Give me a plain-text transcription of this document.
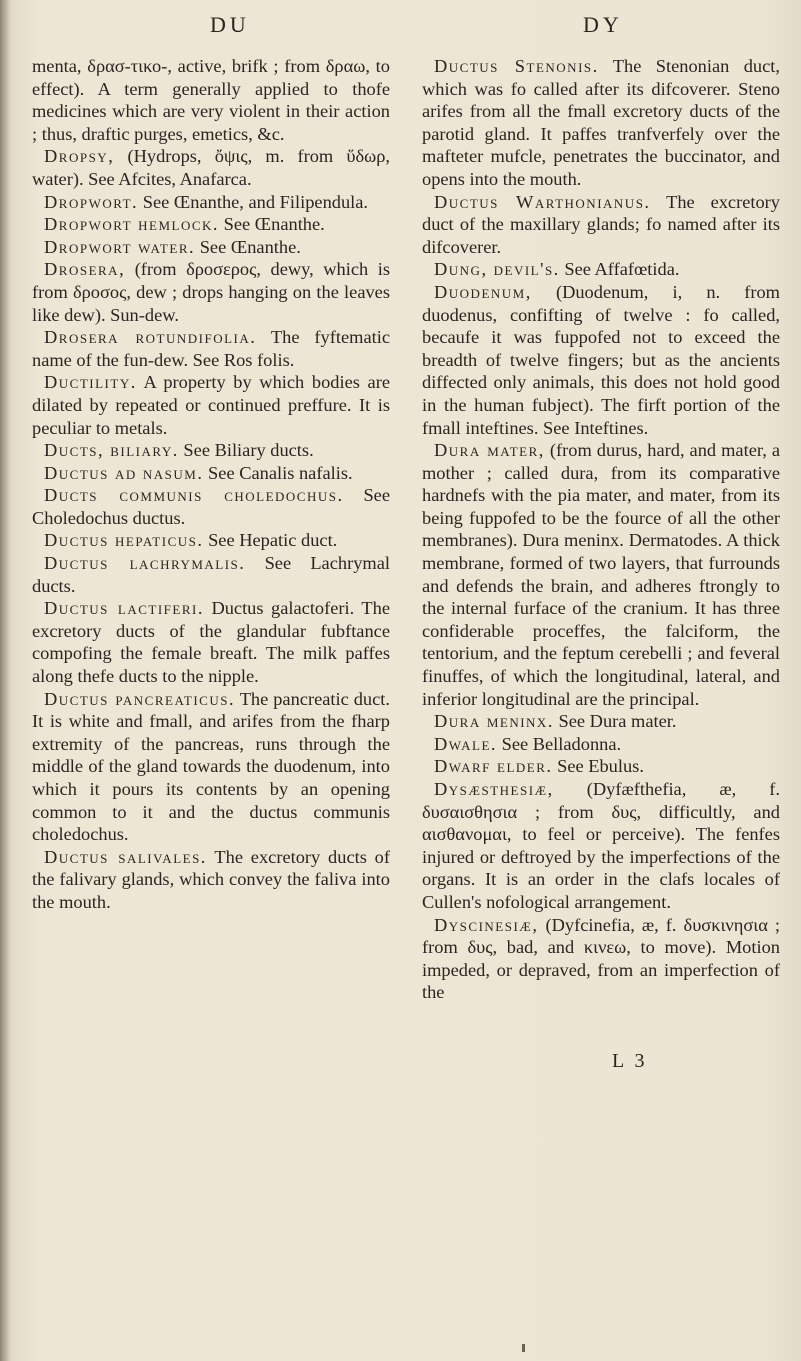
DU	DY

menta, δρασ-τικο-, active, brifk ; from δραω, to effect). A term generally applied to thofe medicines which are very violent in their action ; thus, draftic purges, emetics, &c.

Dropsy, (Hydrops, ὄψις, m. from ὕδωρ, water). See Afcites, Anafarca.

Dropwort. See Œnanthe, and Filipendula.

Dropwort hemlock. See Œnanthe.

Dropwort water. See Œnanthe.

Drosera, (from δροσερος, dewy, which is from δροσος, dew ; drops hanging on the leaves like dew). Sun-dew.

Drosera rotundifolia. The fyftematic name of the fun-dew. See Ros folis.

Ductility. A property by which bodies are dilated by repeated or continued preffure. It is peculiar to metals.

Ducts, biliary. See Biliary ducts.

Ductus ad nasum. See Canalis nafalis.

Ducts communis choledochus. See Choledochus ductus.

Ductus hepaticus. See Hepatic duct.

Ductus lachrymalis. See Lachrymal ducts.

Ductus lactiferi. Ductus galactoferi. The excretory ducts of the glandular fubftance compofing the female breaft. The milk paffes along thefe ducts to the nipple.

Ductus pancreaticus. The pancreatic duct. It is white and fmall, and arifes from the fharp extremity of the pancreas, runs through the middle of the gland towards the duodenum, into which it pours its contents by an opening common to it and the ductus communis choledochus.

Ductus salivales. The excretory ducts of the falivary glands, which convey the faliva into the mouth.

Ductus Stenonis. The Stenonian duct, which was fo called after its difcoverer. Steno arifes from all the fmall excretory ducts of the parotid gland. It paffes tranfverfely over the mafteter mufcle, penetrates the buccinator, and opens into the mouth.

Ductus Warthonianus. The excretory duct of the maxillary glands; fo named after its difcoverer.

Dung, devil's. See Affafœtida.

Duodenum, (Duodenum, i, n. from duodenus, confifting of twelve : fo called, becaufe it was fuppofed not to exceed the breadth of twelve fingers; but as the ancients diffected only animals, this does not hold good in the human fubject). The firft portion of the fmall inteftines. See Inteftines.

Dura mater, (from durus, hard, and mater, a mother ; called dura, from its comparative hardnefs with the pia mater, and mater, from its being fuppofed to be the fource of all the other membranes). Dura meninx. Dermatodes. A thick membrane, formed of two layers, that furrounds and defends the brain, and adheres ftrongly to the internal furface of the cranium. It has three confiderable proceffes, the falciform, the tentorium, and the feptum cerebelli ; and feveral finuffes, of which the longitudinal, lateral, and inferior longitudinal are the principal.

Dura meninx. See Dura mater.

Dwale. See Belladonna.

Dwarf elder. See Ebulus.

Dysæsthesiæ, (Dyfæfthefia, æ, f. δυσαισθησια ; from δυς, difficultly, and αισθανομαι, to feel or perceive). The fenfes injured or deftroyed by the imperfections of the organs. It is an order in the clafs locales of Cullen's nofological arrangement.

Dyscinesiæ, (Dyfcinefia, æ, f. δυσκινησια ; from δυς, bad, and κινεω, to move). Motion impeded, or depraved, from an imperfection of the

L 3
